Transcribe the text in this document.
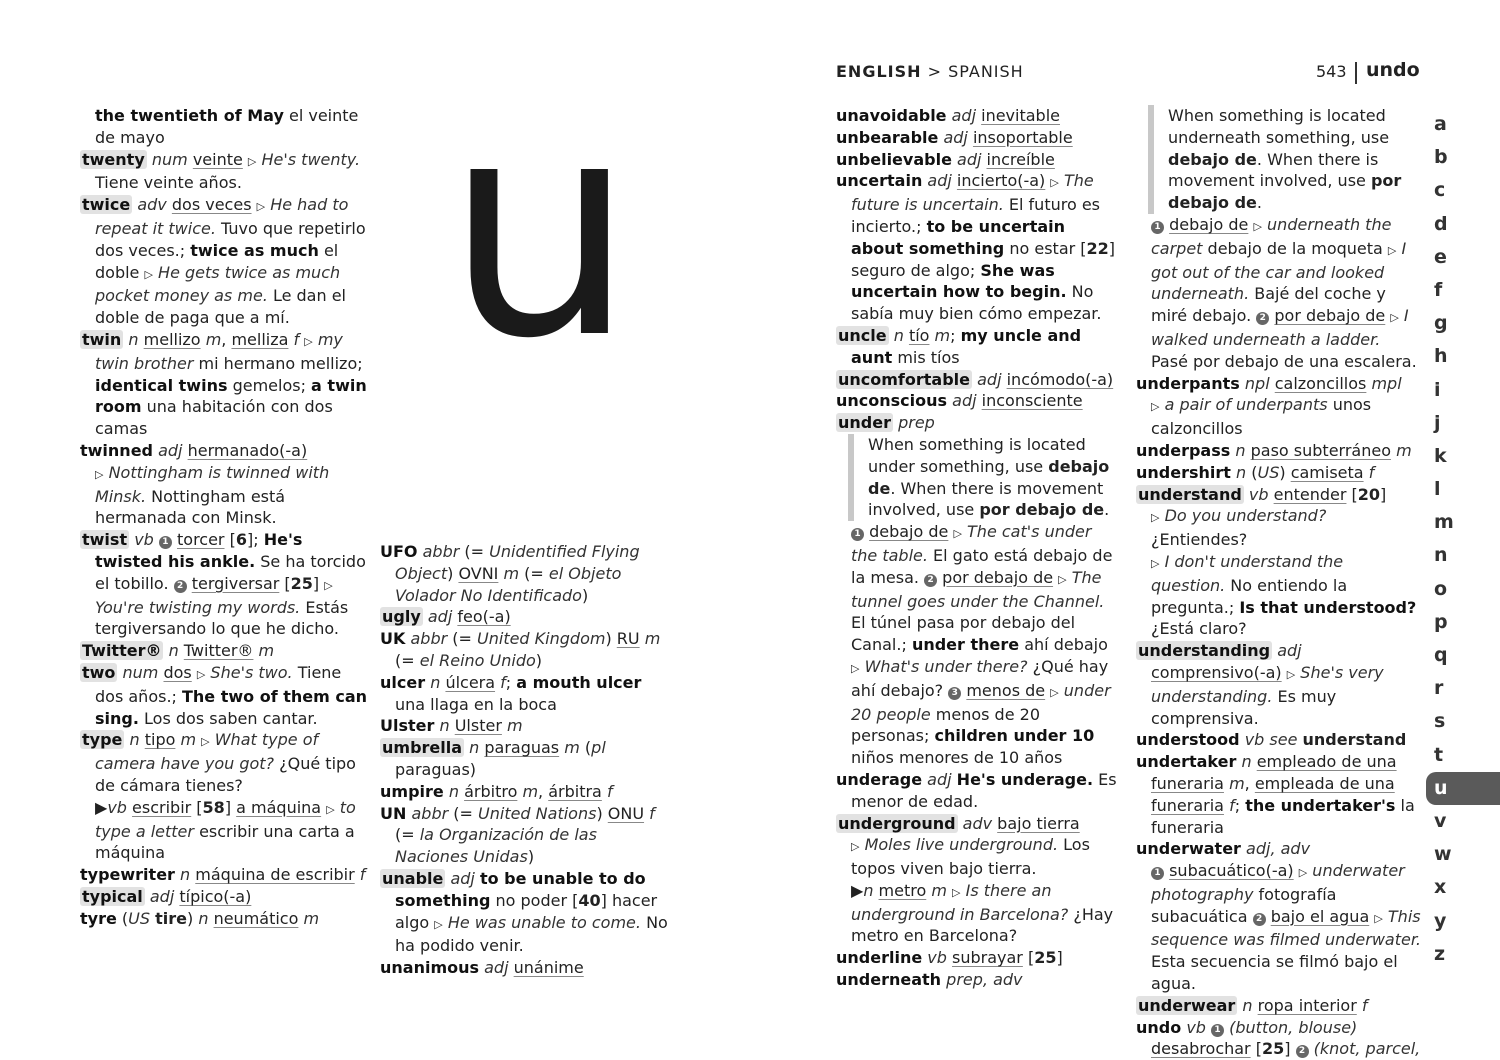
the twentieth of May el veinte de mayo

twenty num veinte ▷ He's twenty. Tiene veinte años.

twice adv dos veces ▷ He had to repeat it twice. Tuvo que repetirlo dos veces.; twice as much el doble ▷ He gets twice as much pocket money as me. Le dan el doble de paga que a mí.

twin n mellizo m, melliza f ▷ my twin brother mi hermano mellizo; identical twins gemelos; a twin room una habitación con dos camas

twinned adj hermanado(-a)
▷ Nottingham is twinned with Minsk. Nottingham está hermanada con Minsk.

twist vb 1 torcer [6]; He's twisted his ankle. Se ha torcido el tobillo. 2 tergiversar [25] ▷ You're twisting my words. Estás tergiversando lo que he dicho.

Twitter® n Twitter® m

two num dos ▷ She's two. Tiene dos años.; The two of them can sing. Los dos saben cantar.

type n tipo m ▷ What type of camera have you got? ¿Qué tipo de cámara tienes?
▶vb escribir [58] a máquina ▷ to type a letter escribir una carta a máquina

typewriter n máquina de escribir f

typical adj típico(-a)

tyre (US tire) n neumático m

u

UFO abbr (= Unidentified Flying Object) OVNI m (= el Objeto Volador No Identificado)

ugly adj feo(-a)

UK abbr (= United Kingdom) RU m (= el Reino Unido)

ulcer n úlcera f; a mouth ulcer una llaga en la boca

Ulster n Ulster m

umbrella n paraguas m (pl paraguas)

umpire n árbitro m, árbitra f

UN abbr (= United Nations) ONU f (= la Organización de las Naciones Unidas)

unable adj to be unable to do something no poder [40] hacer algo ▷ He was unable to come. No ha podido venir.

unanimous adj unánime

ENGLISH > SPANISH	543 undo

unavoidable adj inevitable

unbearable adj insoportable

unbelievable adj increíble

uncertain adj incierto(-a) ▷ The future is uncertain. El futuro es incierto.; to be uncertain about something no estar [22] seguro de algo; She was uncertain how to begin. No sabía muy bien cómo empezar.

uncle n tío m; my uncle and aunt mis tíos

uncomfortable adj incómodo(-a)

unconscious adj inconsciente

under prep

When something is located under something, use debajo de. When there is movement involved, use por debajo de.

1 debajo de ▷ The cat's under the table. El gato está debajo de la mesa. 2 por debajo de ▷ The tunnel goes under the Channel. El túnel pasa por debajo del Canal.; under there ahí debajo ▷ What's under there? ¿Qué hay ahí debajo? 3 menos de ▷ under 20 people menos de 20 personas; children under 10 niños menores de 10 años

underage adj He's underage. Es menor de edad.

underground adv bajo tierra
▷ Moles live underground. Los topos viven bajo tierra.
▶n metro m ▷ Is there an underground in Barcelona? ¿Hay metro en Barcelona?

underline vb subrayar [25]

underneath prep, adv

When something is located underneath something, use debajo de. When there is movement involved, use por debajo de.

1 debajo de ▷ underneath the carpet debajo de la moqueta ▷ I got out of the car and looked underneath. Bajé del coche y miré debajo. 2 por debajo de ▷ I walked underneath a ladder. Pasé por debajo de una escalera.

underpants npl calzoncillos mpl
▷ a pair of underpants unos calzoncillos

underpass n paso subterráneo m

undershirt n (US) camiseta f

understand vb entender [20]
▷ Do you understand? ¿Entiendes?
▷ I don't understand the question. No entiendo la pregunta.; Is that understood? ¿Está claro?

understanding adj comprensivo(-a) ▷ She's very understanding. Es muy comprensiva.

understood vb see understand

undertaker n empleado de una funeraria m, empleada de una funeraria f; the undertaker's la funeraria

underwater adj, adv
1 subacuático(-a) ▷ underwater photography fotografía subacuática 2 bajo el agua ▷ This sequence was filmed underwater. Esta secuencia se filmó bajo el agua.

underwear n ropa interior f

undo vb 1 (button, blouse) desabrochar [25] 2 (knot, parcel,

a
b
c
d
e
f
g
h
i
j
k
l
m
n
o
p
q
r
s
t
u
v
w
x
y
z
